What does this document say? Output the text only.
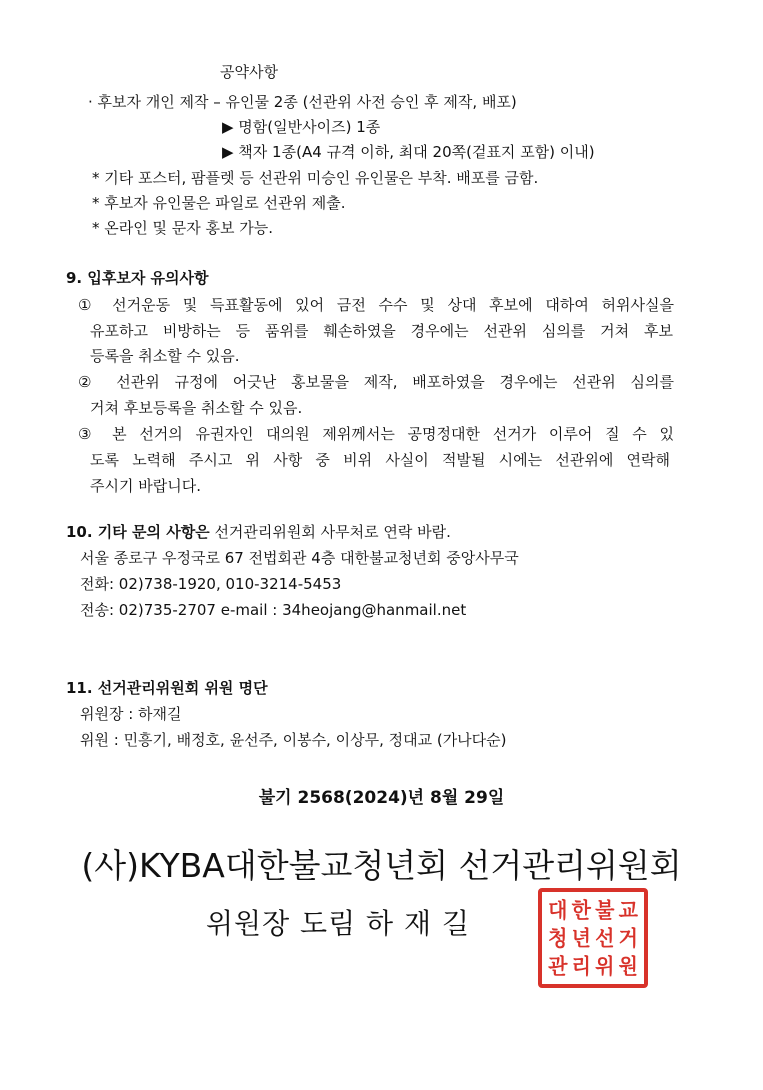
공약사항
· 후보자 개인 제작 – 유인물 2종 (선관위 사전 승인 후 제작, 배포)
▶ 명함(일반사이즈) 1종
▶ 책자 1종(A4 규격 이하, 최대 20쪽(겉표지 포함) 이내)
* 기타 포스터, 팜플렛 등 선관위 미승인 유인물은 부착. 배포를 금함.
* 후보자 유인물은 파일로 선관위 제출.
* 온라인 및 문자 홍보 가능.
9. 입후보자 유의사항
① 선거운동 및 득표활동에 있어 금전 수수 및 상대 후보에 대하여 허위사실을
유포하고 비방하는 등 품위를 훼손하였을 경우에는 선관위 심의를 거쳐 후보
등록을 취소할 수 있음.
② 선관위 규정에 어긋난 홍보물을 제작, 배포하였을 경우에는 선관위 심의를
거쳐 후보등록을 취소할 수 있음.
③ 본 선거의 유권자인 대의원 제위께서는 공명정대한 선거가 이루어 질 수 있
도록 노력해 주시고 위 사항 중 비위 사실이 적발될 시에는 선관위에 연락해
주시기 바랍니다.
10. 기타 문의 사항은 선거관리위원회 사무처로 연락 바람.
서울 종로구 우정국로 67 전법회관 4층 대한불교청년회 중앙사무국
전화: 02)738-1920, 010-3214-5453
전송: 02)735-2707 e-mail : 34heojang@hanmail.net
11. 선거관리위원회 위원 명단
위원장 : 하재길
위원 : 민흥기, 배정호, 윤선주, 이봉수, 이상무, 정대교 (가나다순)
불기 2568(2024)년 8월 29일
(사)KYBA대한불교청년회 선거관리위원회
위원장 도림 하 재 길	대 한 불 교
청 년 선 거
관 리 위 원
